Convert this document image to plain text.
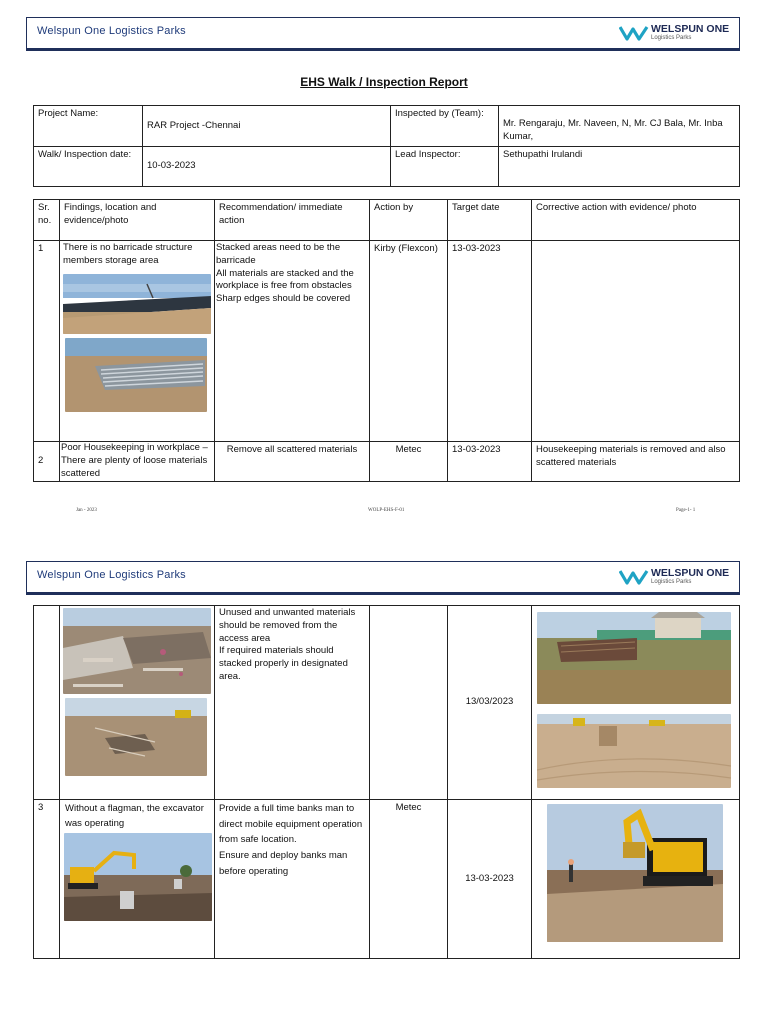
Welspun One Logistics Parks	WELSPUN ONE
Logistics Parks
EHS Walk / Inspection Report
Project Name:	RAR Project -Chennai	Inspected by (Team):	Mr. Rengaraju, Mr. Naveen, N, Mr. CJ Bala, Mr. Inba Kumar,
Walk/ Inspection date:	10-03-2023	Lead Inspector:	Sethupathi Irulandi
Sr. no.	Findings, location and evidence/photo	Recommendation/ immediate action	Action by	Target date	Corrective action with evidence/ photo
1	There is no barricade structure members storage area	Stacked areas need to be the barricade
All materials are stacked and the workplace is free from obstacles
Sharp edges should be covered	Kirby (Flexcon)	13-03-2023	
2	Poor Housekeeping in workplace – There are plenty of loose materials scattered	Remove all scattered materials	Metec	13-03-2023	Housekeeping materials is removed and also scattered materials
Jan - 2023	WOLP-EHS-F-01	Page-1- 1
Welspun One Logistics Parks	WELSPUN ONE
Logistics Parks

	Unused and unwanted materials should be removed from the access area
If required materials should stacked properly in designated area.		13/03/2023	

3	Without a flagman, the excavator was operating	Provide a full time banks man to direct mobile equipment operation from safe location.
Ensure and deploy banks man before operating	Metec	13-03-2023	
